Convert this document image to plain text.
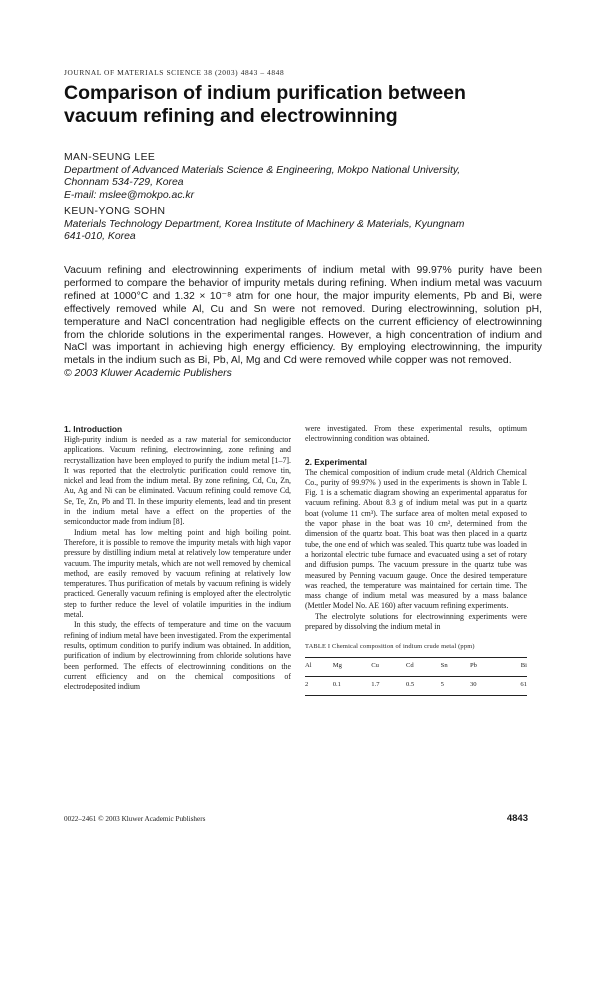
JOURNAL OF MATERIALS SCIENCE 38 (2003) 4843 – 4848
Comparison of indium purification between vacuum refining and electrowinning
MAN-SEUNG LEE
Department of Advanced Materials Science & Engineering, Mokpo National University,
Chonnam 534-729, Korea
E-mail: mslee@mokpo.ac.kr
KEUN-YONG SOHN
Materials Technology Department, Korea Institute of Machinery & Materials, Kyungnam
641-010, Korea
Vacuum refining and electrowinning experiments of indium metal with 99.97% purity have been performed to compare the behavior of impurity metals during refining. When indium metal was vacuum refined at 1000°C and 1.32 × 10⁻⁸ atm for one hour, the major impurity elements, Pb and Bi, were effectively removed while Al, Cu and Sn were not removed. During electrowinning, solution pH, temperature and NaCl concentration had negligible effects on the current efficiency of electrowinning from the chloride solutions in the experimental ranges. However, a high concentration of indium and NaCl was important in achieving high energy efficiency. By employing electrowinning, the impurity metals in the indium such as Bi, Pb, Al, Mg and Cd were removed while copper was not removed.
© 2003 Kluwer Academic Publishers
1. Introduction

High-purity indium is needed as a raw material for semiconductor applications. Vacuum refining, electrowinning, zone refining and recrystallization have been employed to purify the indium metal [1–7]. It was reported that the electrolytic purification could remove tin, nickel and lead from the indium metal. By zone refining, Cd, Cu, Zn, Au, Ag and Ni can be eliminated. Vacuum refining could remove Cd, Se, Te, Zn, Pb and Tl. In these impurity elements, lead and tin present in the indium metal have a effect on the properties of the semiconductor made from indium [8].

Indium metal has low melting point and high boiling point. Therefore, it is possible to remove the impurity metals with high vapor pressure by distilling indium metal at relatively low temperature under vacuum. The impurity metals, which are not well removed by chemical method, are easily removed by vacuum refining at relatively low temperatures. Thus purification of metals by vacuum refining is widely practiced. Generally vacuum refining is employed after the electrolytic step to further reduce the level of volatile impurities in the indium metal.

In this study, the effects of temperature and time on the vacuum refining of indium metal have been investigated. From the experimental results, optimum condition to purify indium was obtained. In addition, purification of indium by electrowinning from chloride solutions have been performed. The effects of electrowinning conditions on the current efficiency and on the chemical compositions of electrodeposited indium

were investigated. From these experimental results, optimum electrowinning condition was obtained.

2. Experimental

The chemical composition of indium crude metal (Aldrich Chemical Co., purity of 99.97% ) used in the experiments is shown in Table I. Fig. 1 is a schematic diagram showing an experimental apparatus for vacuum refining. About 8.3 g of indium metal was put in a quartz boat (volume 11 cm³). The surface area of molten metal exposed to the vapor phase in the boat was 10 cm², determined from the dimension of the quartz boat. This boat was then placed in a quartz tube, the one end of which was sealed. This quartz tube was loaded in a horizontal electric tube furnace and evacuated using a set of rotary and diffusion pumps. The vacuum pressure in the quartz tube was measured by Penning vacuum gauge. Once the desired temperature was reached, the temperature was maintained for certain time. The mass change of indium metal was measured by a mass balance (Mettler Model No. AE 160) after vacuum refining experiments.

The electrolyte solutions for electrowinning experiments were prepared by dissolving the indium metal in

TABLE I Chemical composition of indium crude metal (ppm)
Al	Mg	Cu	Cd	Sn	Pb	Bi
2	0.1	1.7	0.5	5	30	61
0022–2461 © 2003 Kluwer Academic Publishers	4843
